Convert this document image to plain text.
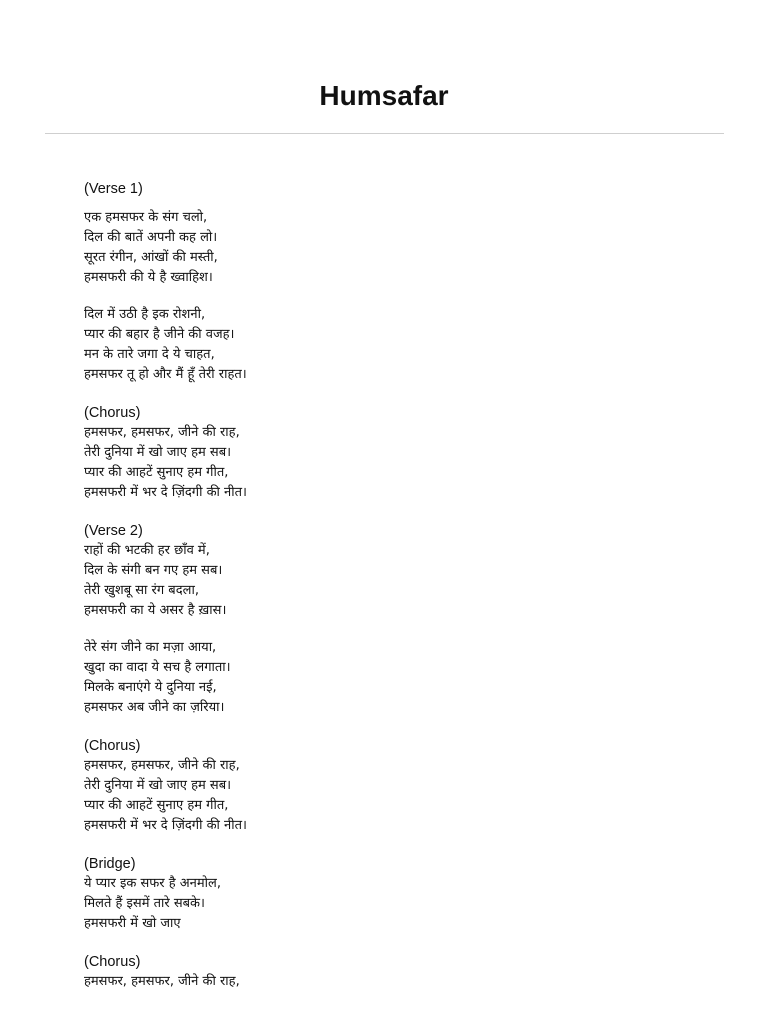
Humsafar
(Verse 1)
एक हमसफर के संग चलो,
दिल की बातें अपनी कह लो।
सूरत रंगीन, आंखों की मस्ती,
हमसफरी की ये है ख्वाहिश।
दिल में उठी है इक रोशनी,
प्यार की बहार है जीने की वजह।
मन के तारे जगा दे ये चाहत,
हमसफर तू हो और मैं हूँ तेरी राहत।
(Chorus)
हमसफर, हमसफर, जीने की राह,
तेरी दुनिया में खो जाए हम सब।
प्यार की आहटें सुनाए हम गीत,
हमसफरी में भर दे ज़िंदगी की नीत।
(Verse 2)
राहों की भटकी हर छाँव में,
दिल के संगी बन गए हम सब।
तेरी खुशबू सा रंग बदला,
हमसफरी का ये असर है ख़ास।
तेरे संग जीने का मज़ा आया,
खुदा का वादा ये सच है लगाता।
मिलके बनाएंगे ये दुनिया नई,
हमसफर अब जीने का ज़रिया।
(Chorus)
हमसफर, हमसफर, जीने की राह,
तेरी दुनिया में खो जाए हम सब।
प्यार की आहटें सुनाए हम गीत,
हमसफरी में भर दे ज़िंदगी की नीत।
(Bridge)
ये प्यार इक सफर है अनमोल,
मिलते हैं इसमें तारे सबके।
हमसफरी में खो जाए
(Chorus)
हमसफर, हमसफर, जीने की राह,
